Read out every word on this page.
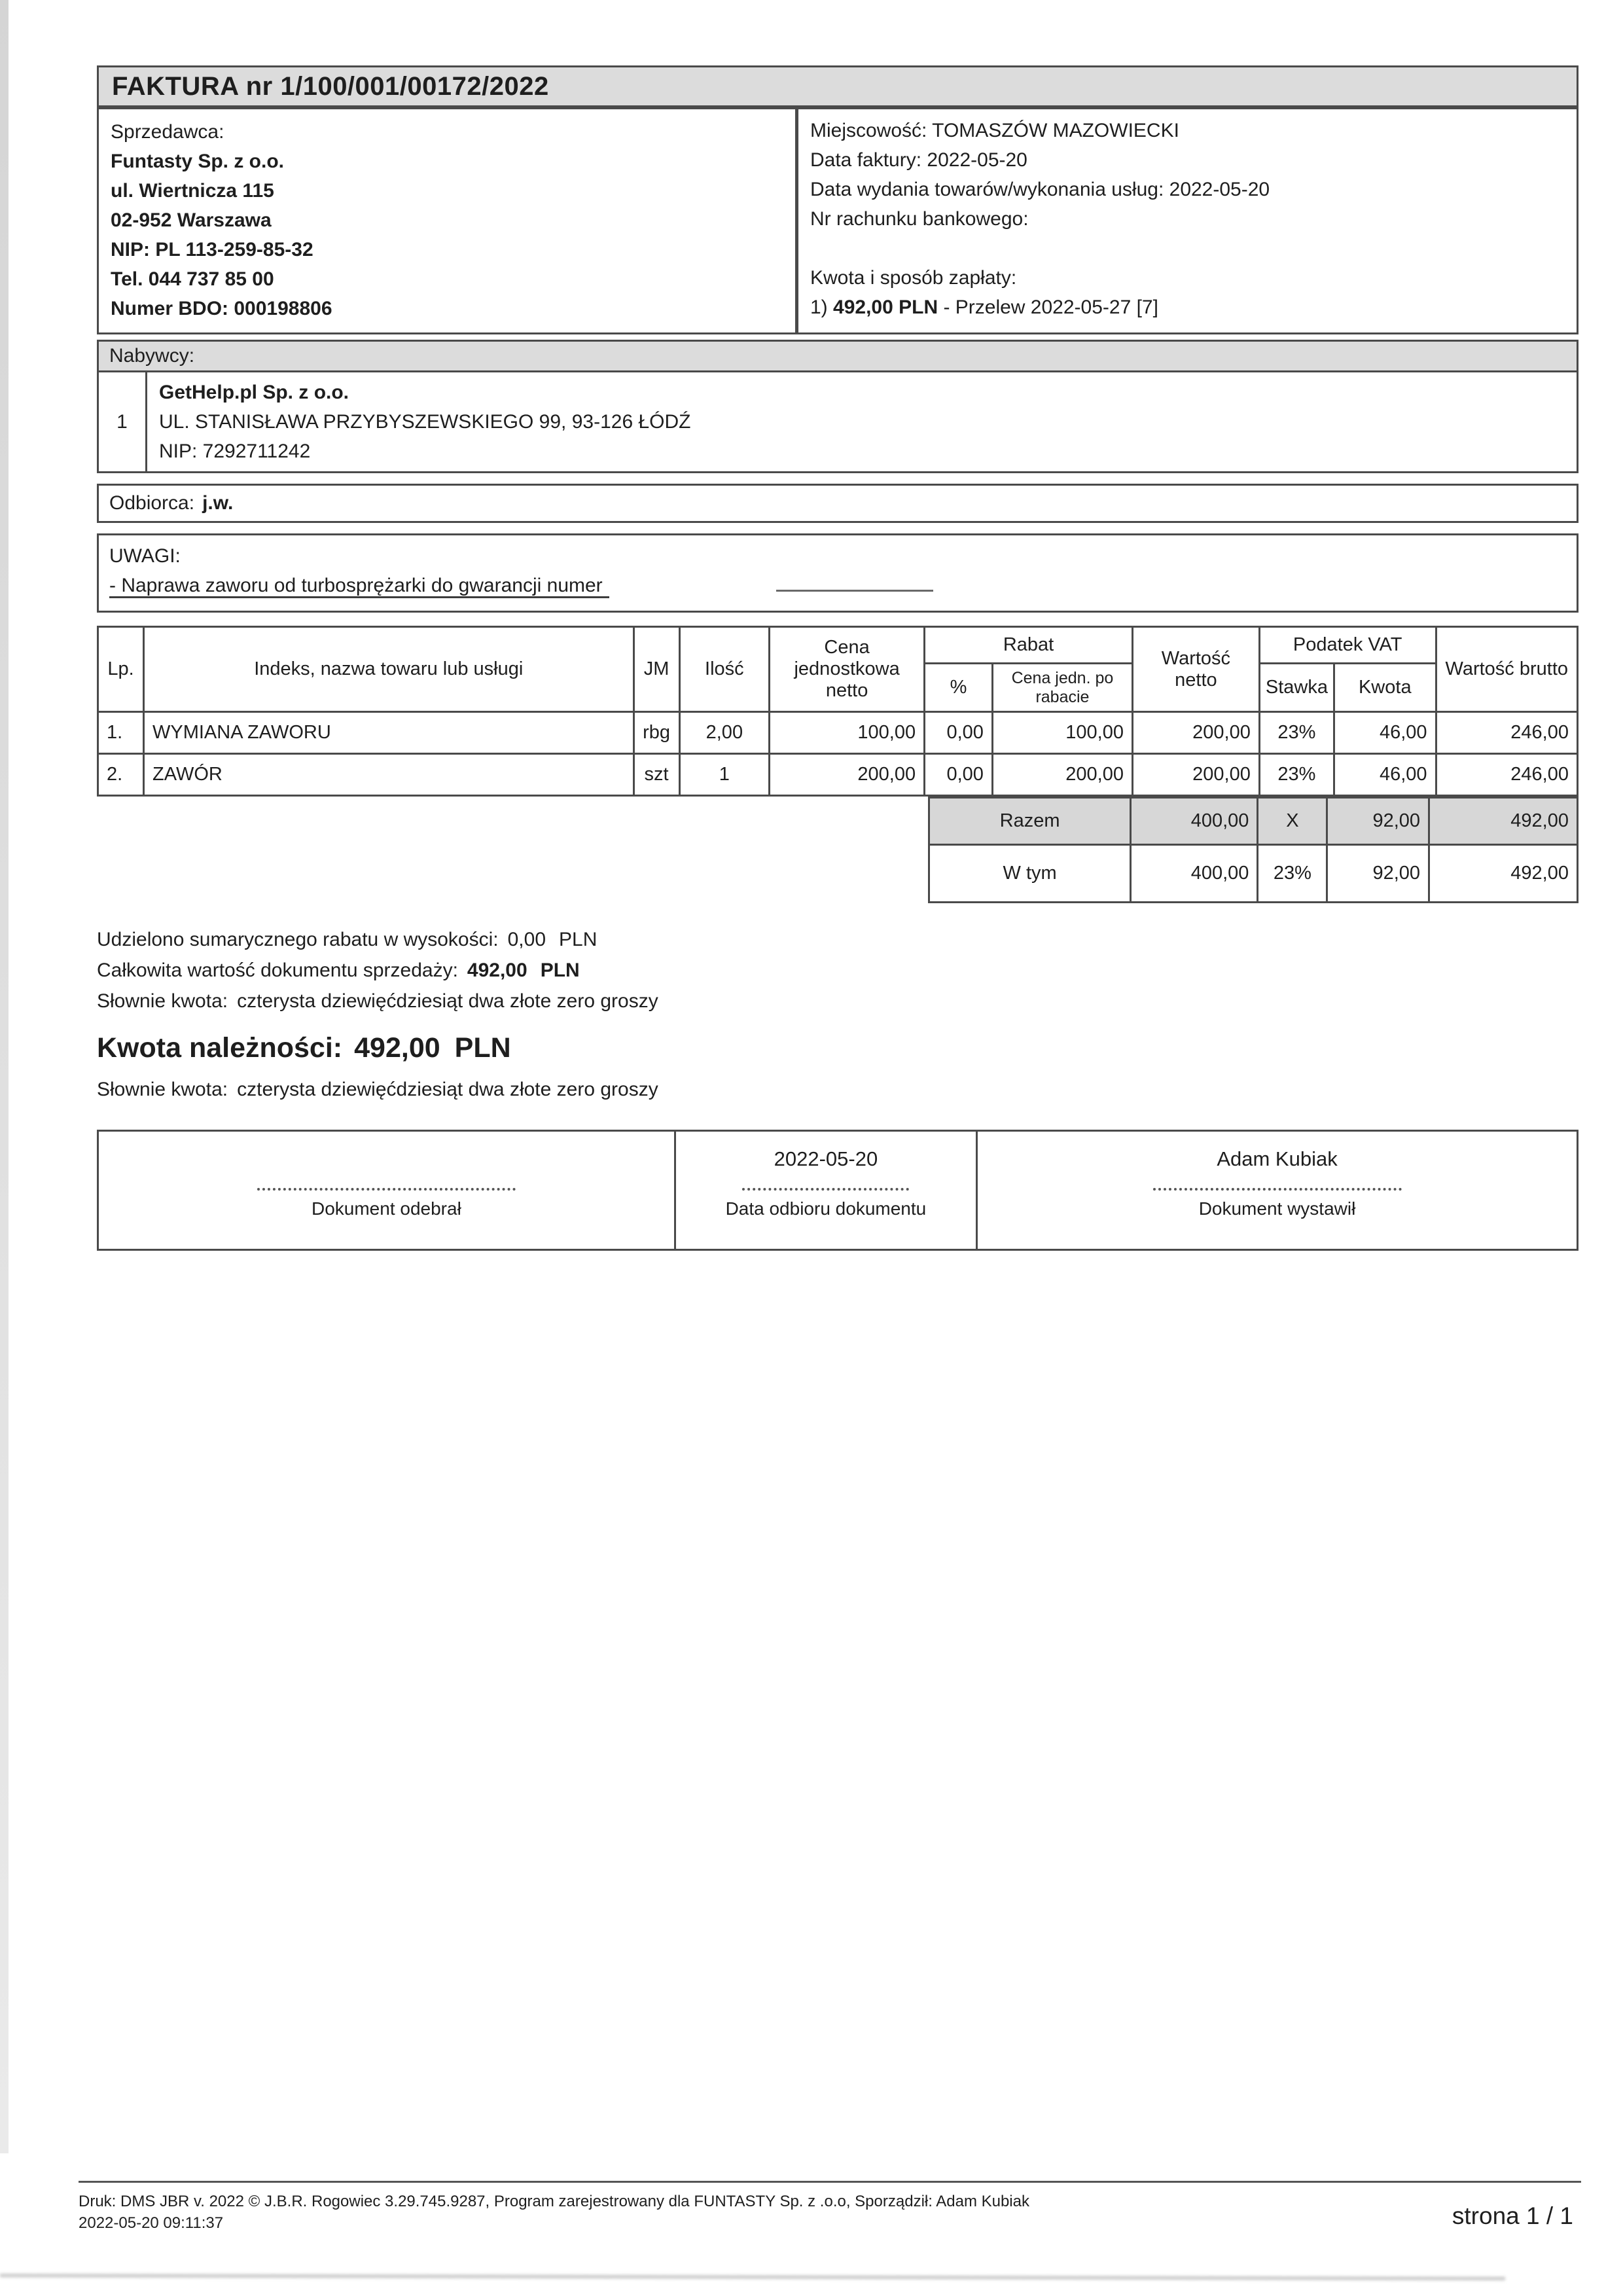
FAKTURA nr 1/100/001/00172/2022
Sprzedawca:
Funtasty Sp. z o.o.
ul. Wiertnicza 115
02-952 Warszawa
NIP: PL 113-259-85-32
Tel. 044 737 85 00
Numer BDO: 000198806
Miejscowość: TOMASZÓW MAZOWIECKI
Data faktury: 2022-05-20
Data wydania towarów/wykonania usług: 2022-05-20
Nr rachunku bankowego:
Kwota i sposób zapłaty:
1) 492,00 PLN - Przelew 2022-05-27 [7]
Nabywcy:
1
GetHelp.pl Sp. z o.o.
UL. STANISŁAWA PRZYBYSZEWSKIEGO 99, 93-126 ŁÓDŹ
NIP: 7292711242
Odbiorca: j.w.
UWAGI:
- Naprawa zaworu od turbosprężarki do gwarancji numer
Lp.	Indeks, nazwa towaru lub usługi	JM	Ilość	Cena jednostkowa netto	Rabat		Wartość netto	Podatek VAT		Wartość brutto
					%	Cena jedn. po rabacie		Stawka	Kwota	
1.	WYMIANA ZAWORU	rbg	2,00	100,00	0,00	100,00	200,00	23%	46,00	246,00
2.	ZAWÓR	szt	1	200,00	0,00	200,00	200,00	23%	46,00	246,00
Razem	400,00	X	92,00	492,00
W tym	400,00	23%	92,00	492,00
Udzielono sumarycznego rabatu w wysokości: 0,00 PLN
Całkowita wartość dokumentu sprzedaży: 492,00 PLN
Słownie kwota: czterysta dziewięćdziesiąt dwa złote zero groszy
Kwota należności: 492,00 PLN
Słownie kwota: czterysta dziewięćdziesiąt dwa złote zero groszy
Dokument odebrał

2022-05-20
Data odbioru dokumentu

Adam Kubiak
Dokument wystawił
Druk: DMS JBR v. 2022 © J.B.R. Rogowiec 3.29.745.9287, Program zarejestrowany dla FUNTASTY Sp. z .o.o, Sporządził: Adam Kubiak
2022-05-20 09:11:37	strona 1 / 1
